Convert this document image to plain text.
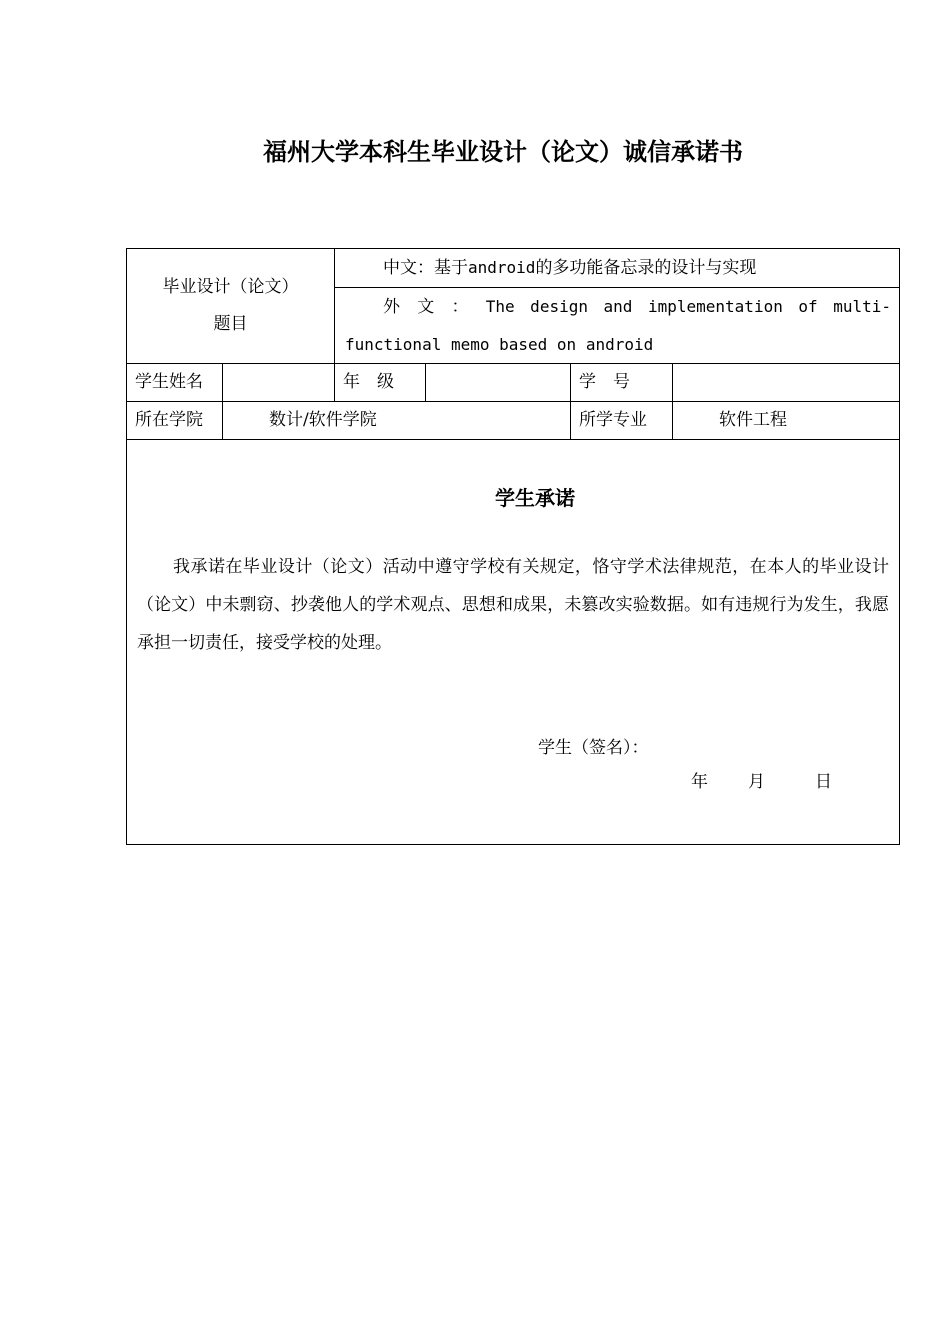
福州大学本科生毕业设计（论文）诚信承诺书
毕业设计（论文）
题目		中文：基于android的多功能备忘录的设计与实现			

		外 文 ： The design and implementation of multi-
functional memo based on android			

学生姓名		年　级		学　号	
所在学院	数计/软件学院			所学专业	软件工程

学生承诺
我承诺在毕业设计（论文）活动中遵守学校有关规定，恪守学术法律规范，在本人的毕业设计（论文）中未剽窃、抄袭他人的学术观点、思想和成果，未篡改实验数据。如有违规行为发生，我愿承担一切责任，接受学校的处理。
学生（签名）：
年 月 日					
